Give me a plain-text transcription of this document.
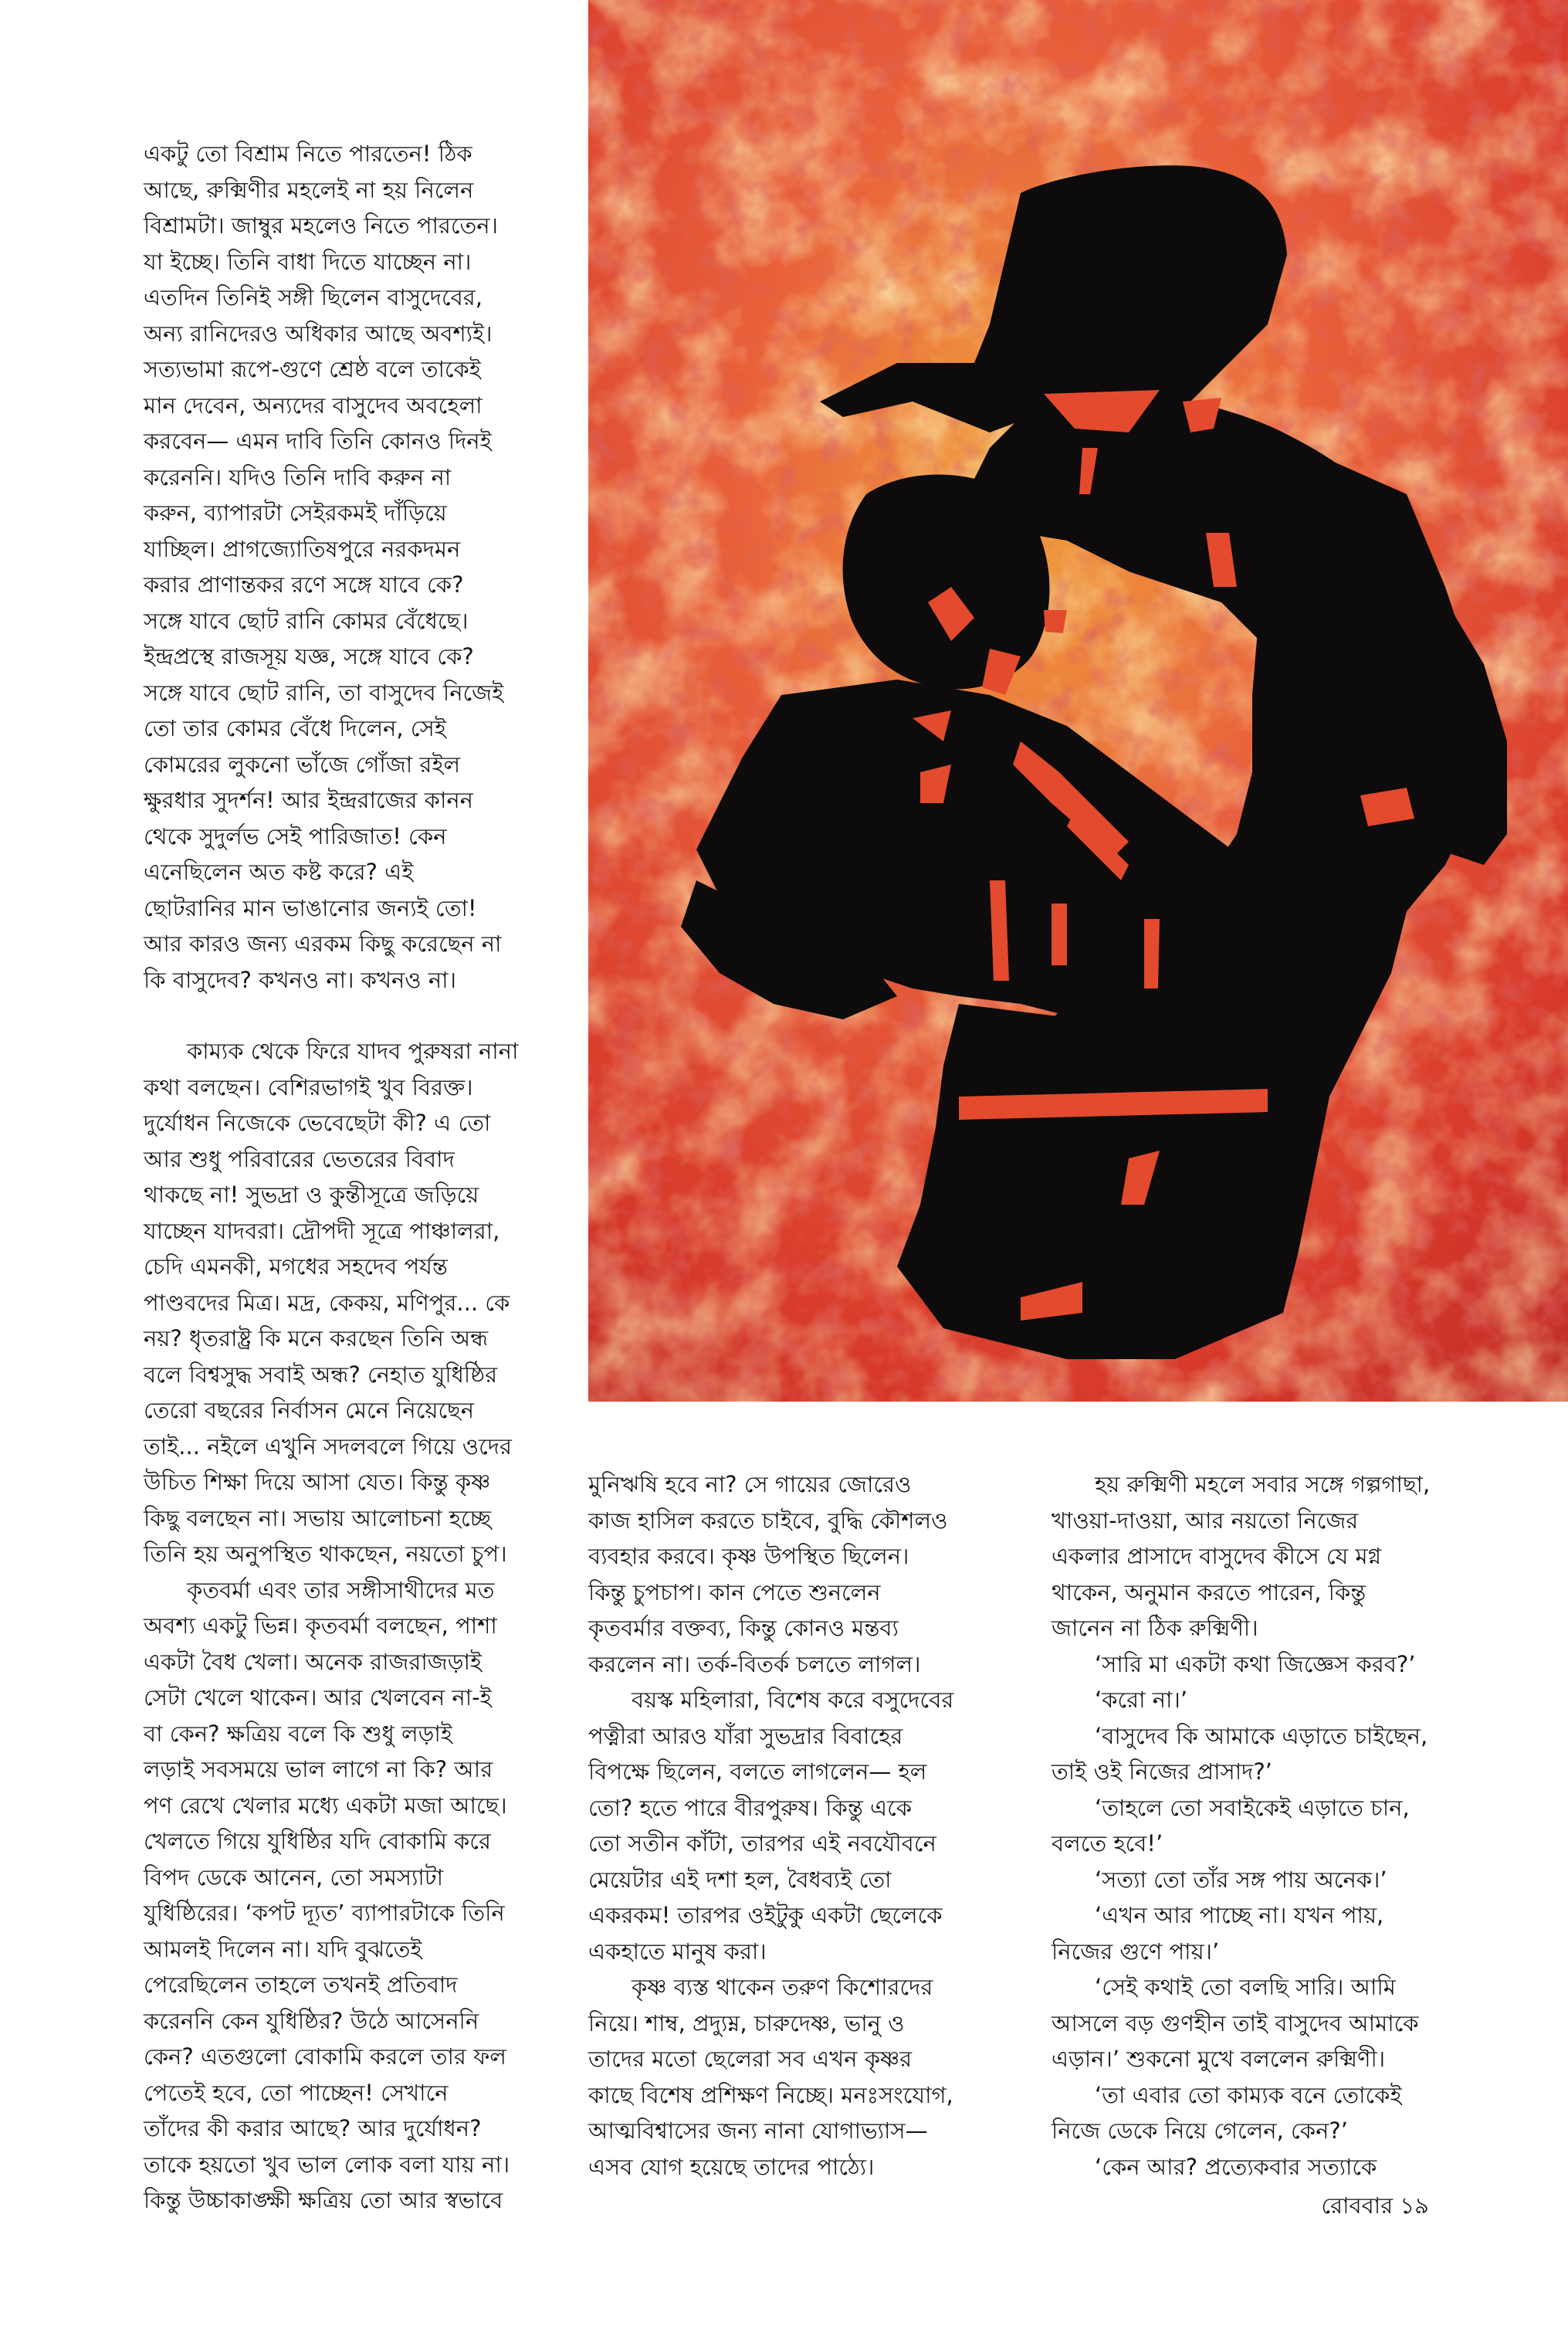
একটু তো বিশ্রাম নিতে পারতেন! ঠিক

আছে, রুক্মিণীর মহলেই না হয় নিলেন

বিশ্রামটা। জাম্বুর মহলেও নিতে পারতেন।

যা ইচ্ছে। তিনি বাধা দিতে যাচ্ছেন না।

এতদিন তিনিই সঙ্গী ছিলেন বাসুদেবের,

অন্য রানিদেরও অধিকার আছে অবশ্যই।

সত্যভামা রূপে-গুণে শ্রেষ্ঠ বলে তাকেই

মান দেবেন, অন্যদের বাসুদেব অবহেলা

করবেন— এমন দাবি তিনি কোনও দিনই

করেননি। যদিও তিনি দাবি করুন না

করুন, ব্যাপারটা সেইরকমই দাঁড়িয়ে

যাচ্ছিল। প্রাগজ্যোতিষপুরে নরকদমন

করার প্রাণান্তকর রণে সঙ্গে যাবে কে?

সঙ্গে যাবে ছোট রানি কোমর বেঁধেছে।

ইন্দ্রপ্রস্থে রাজসূয় যজ্ঞ, সঙ্গে যাবে কে?

সঙ্গে যাবে ছোট রানি, তা বাসুদেব নিজেই

তো তার কোমর বেঁধে দিলেন, সেই

কোমরের লুকনো ভাঁজে গোঁজা রইল

ক্ষুরধার সুদর্শন! আর ইন্দ্ররাজের কানন

থেকে সুদুর্লভ সেই পারিজাত! কেন

এনেছিলেন অত কষ্ট করে? এই

ছোটরানির মান ভাঙানোর জন্যই তো!

আর কারও জন্য এরকম কিছু করেছেন না

কি বাসুদেব? কখনও না। কখনও না।

কাম্যক থেকে ফিরে যাদব পুরুষরা নানা

কথা বলছেন। বেশিরভাগই খুব বিরক্ত।

দুর্যোধন নিজেকে ভেবেছেটা কী? এ তো

আর শুধু পরিবারের ভেতরের বিবাদ

থাকছে না! সুভদ্রা ও কুন্তীসূত্রে জড়িয়ে

যাচ্ছেন যাদবরা। দ্রৌপদী সূত্রে পাঞ্চালরা,

চেদি এমনকী, মগধের সহদেব পর্যন্ত

পাণ্ডবদের মিত্র। মদ্র, কেকয়, মণিপুর... কে

নয়? ধৃতরাষ্ট্র কি মনে করছেন তিনি অন্ধ

বলে বিশ্বসুদ্ধ সবাই অন্ধ? নেহাত যুধিষ্ঠির

তেরো বছরের নির্বাসন মেনে নিয়েছেন

তাই... নইলে এখুনি সদলবলে গিয়ে ওদের

উচিত শিক্ষা দিয়ে আসা যেত। কিন্তু কৃষ্ণ

কিছু বলছেন না। সভায় আলোচনা হচ্ছে

তিনি হয় অনুপস্থিত থাকছেন, নয়তো চুপ।

কৃতবর্মা এবং তার সঙ্গীসাথীদের মত

অবশ্য একটু ভিন্ন। কৃতবর্মা বলছেন, পাশা

একটা বৈধ খেলা। অনেক রাজরাজড়াই

সেটা খেলে থাকেন। আর খেলবেন না-ই

বা কেন? ক্ষত্রিয় বলে কি শুধু লড়াই

লড়াই সবসময়ে ভাল লাগে না কি? আর

পণ রেখে খেলার মধ্যে একটা মজা আছে।

খেলতে গিয়ে যুধিষ্ঠির যদি বোকামি করে

বিপদ ডেকে আনেন, তো সমস্যাটা

যুধিষ্ঠিরের। ‘কপট দ্যূত’ ব্যাপারটাকে তিনি

আমলই দিলেন না। যদি বুঝতেই

পেরেছিলেন তাহলে তখনই প্রতিবাদ

করেননি কেন যুধিষ্ঠির? উঠে আসেননি

কেন? এতগুলো বোকামি করলে তার ফল

পেতেই হবে, তো পাচ্ছেন! সেখানে

তাঁদের কী করার আছে? আর দুর্যোধন?

তাকে হয়তো খুব ভাল লোক বলা যায় না।

কিন্তু উচ্চাকাঙ্ক্ষী ক্ষত্রিয় তো আর স্বভাবে

মুনিঋষি হবে না? সে গায়ের জোরেও

কাজ হাসিল করতে চাইবে, বুদ্ধি কৌশলও

ব্যবহার করবে। কৃষ্ণ উপস্থিত ছিলেন।

কিন্তু চুপচাপ। কান পেতে শুনলেন

কৃতবর্মার বক্তব্য, কিন্তু কোনও মন্তব্য

করলেন না। তর্ক-বিতর্ক চলতে লাগল।

বয়স্ক মহিলারা, বিশেষ করে বসুদেবের

পত্নীরা আরও যাঁরা সুভদ্রার বিবাহের

বিপক্ষে ছিলেন, বলতে লাগলেন— হল

তো? হতে পারে বীরপুরুষ। কিন্তু একে

তো সতীন কাঁটা, তারপর এই নবযৌবনে

মেয়েটার এই দশা হল, বৈধব্যই তো

একরকম! তারপর ওইটুকু একটা ছেলেকে

একহাতে মানুষ করা।

কৃষ্ণ ব্যস্ত থাকেন তরুণ কিশোরদের

নিয়ে। শাম্ব, প্রদ্যুম্ন, চারুদেষ্ণ, ভানু ও

তাদের মতো ছেলেরা সব এখন কৃষ্ণর

কাছে বিশেষ প্রশিক্ষণ নিচ্ছে। মনঃসংযোগ,

আত্মবিশ্বাসের জন্য নানা যোগাভ্যাস—

এসব যোগ হয়েছে তাদের পাঠ্যে।

হয় রুক্মিণী মহলে সবার সঙ্গে গল্পগাছা,

খাওয়া-দাওয়া, আর নয়তো নিজের

একলার প্রাসাদে বাসুদেব কীসে যে মগ্ন

থাকেন, অনুমান করতে পারেন, কিন্তু

জানেন না ঠিক রুক্মিণী।

‘সারি মা একটা কথা জিজ্ঞেস করব?’

‘করো না।’

‘বাসুদেব কি আমাকে এড়াতে চাইছেন,

তাই ওই নিজের প্রাসাদ?’

‘তাহলে তো সবাইকেই এড়াতে চান,

বলতে হবে!’

‘সত্যা তো তাঁর সঙ্গ পায় অনেক।’

‘এখন আর পাচ্ছে না। যখন পায়,

নিজের গুণে পায়।’

‘সেই কথাই তো বলছি সারি। আমি

আসলে বড় গুণহীন তাই বাসুদেব আমাকে

এড়ান।’ শুকনো মুখে বললেন রুক্মিণী।

‘তা এবার তো কাম্যক বনে তোকেই

নিজে ডেকে নিয়ে গেলেন, কেন?’

‘কেন আর? প্রত্যেকবার সত্যাকে

রোববার ১৯
